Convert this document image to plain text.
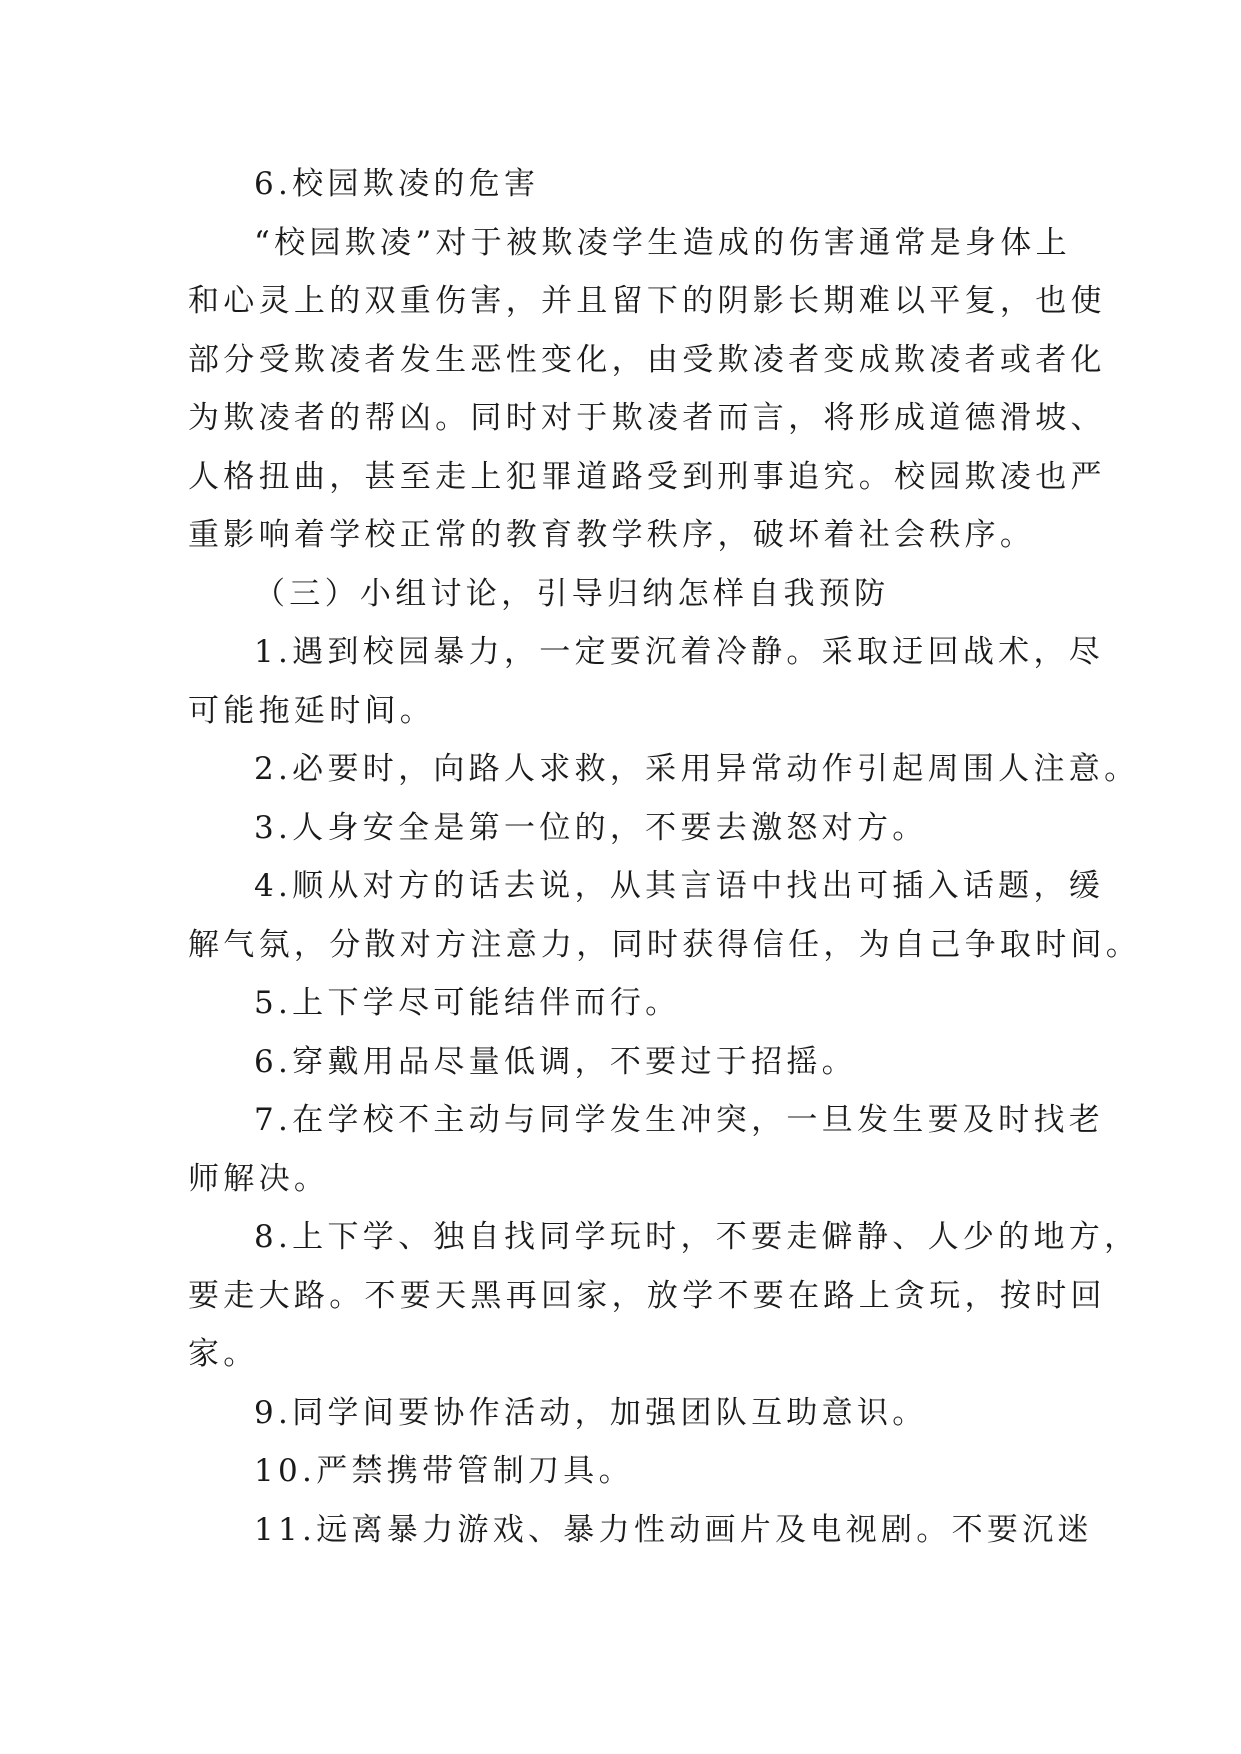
6.校园欺凌的危害
“校园欺凌”对于被欺凌学生造成的伤害通常是身体上
和心灵上的双重伤害，并且留下的阴影长期难以平复，也使
部分受欺凌者发生恶性变化，由受欺凌者变成欺凌者或者化
为欺凌者的帮凶。同时对于欺凌者而言，将形成道德滑坡、
人格扭曲，甚至走上犯罪道路受到刑事追究。校园欺凌也严
重影响着学校正常的教育教学秩序，破坏着社会秩序。
（三）小组讨论，引导归纳怎样自我预防
1.遇到校园暴力，一定要沉着冷静。采取迂回战术，尽
可能拖延时间。
2.必要时，向路人求救，采用异常动作引起周围人注意。
3.人身安全是第一位的，不要去激怒对方。
4.顺从对方的话去说，从其言语中找出可插入话题，缓
解气氛，分散对方注意力，同时获得信任，为自己争取时间。
5.上下学尽可能结伴而行。
6.穿戴用品尽量低调，不要过于招摇。
7.在学校不主动与同学发生冲突，一旦发生要及时找老
师解决。
8.上下学、独自找同学玩时，不要走僻静、人少的地方，
要走大路。不要天黑再回家，放学不要在路上贪玩，按时回
家。
9.同学间要协作活动，加强团队互助意识。
10.严禁携带管制刀具。
11.远离暴力游戏、暴力性动画片及电视剧。不要沉迷
